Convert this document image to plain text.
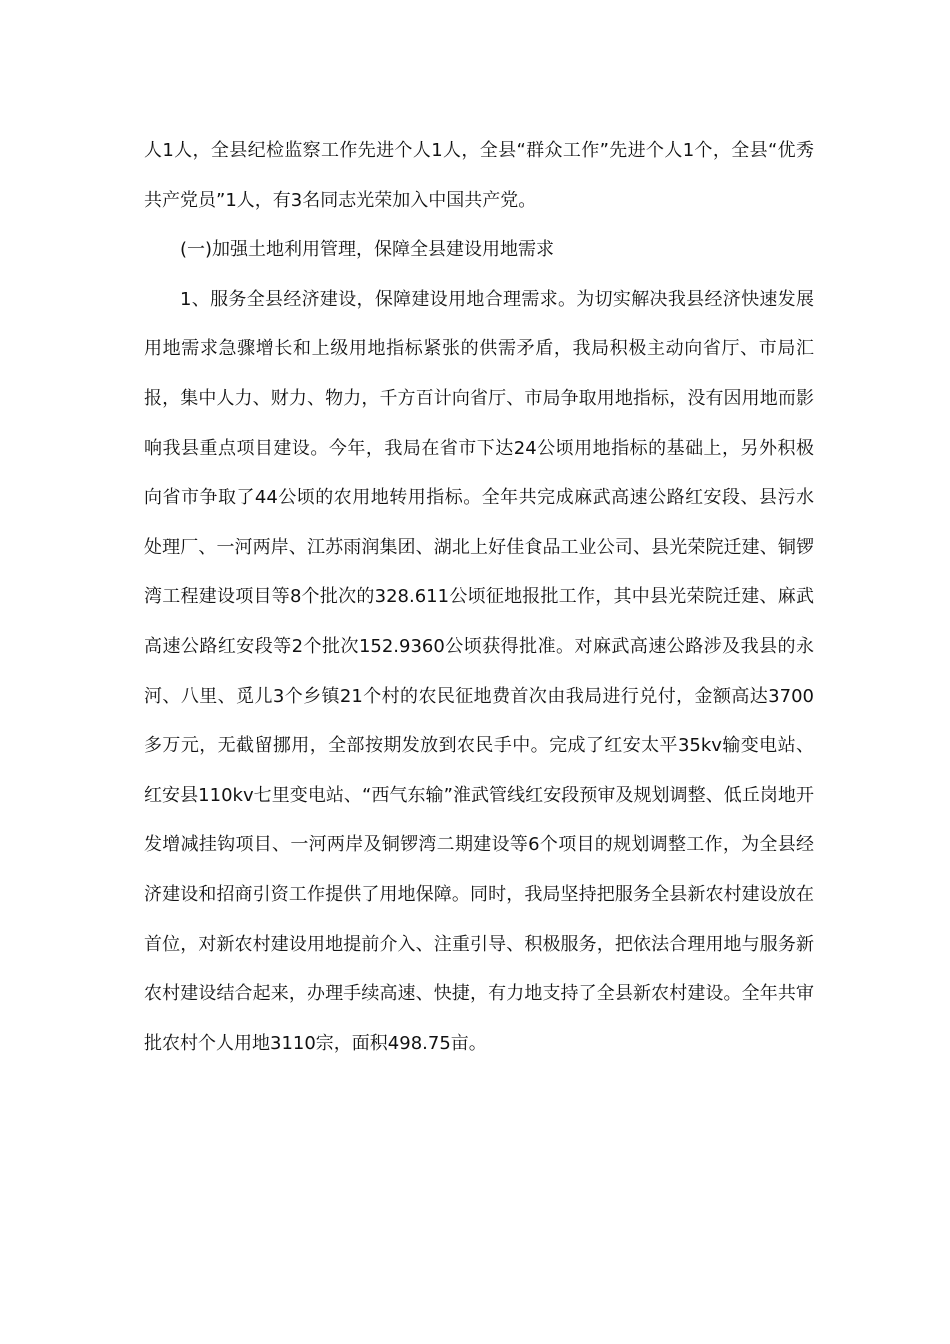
人1人，全县纪检监察工作先进个人1人，全县“群众工作”先进个人1个，全县“优秀共产党员”1人，有3名同志光荣加入中国共产党。

(一)加强土地利用管理，保障全县建设用地需求

1、服务全县经济建设，保障建设用地合理需求。为切实解决我县经济快速发展用地需求急骤增长和上级用地指标紧张的供需矛盾，我局积极主动向省厅、市局汇报，集中人力、财力、物力，千方百计向省厅、市局争取用地指标，没有因用地而影响我县重点项目建设。今年，我局在省市下达24公顷用地指标的基础上，另外积极向省市争取了44公顷的农用地转用指标。全年共完成麻武高速公路红安段、县污水处理厂、一河两岸、江苏雨润集团、湖北上好佳食品工业公司、县光荣院迁建、铜锣湾工程建设项目等8个批次的328.611公顷征地报批工作，其中县光荣院迁建、麻武高速公路红安段等2个批次152.9360公顷获得批准。对麻武高速公路涉及我县的永河、八里、觅儿3个乡镇21个村的农民征地费首次由我局进行兑付，金额高达3700多万元，无截留挪用，全部按期发放到农民手中。完成了红安太平35kv输变电站、红安县110kv七里变电站、“西气东输”淮武管线红安段预审及规划调整、低丘岗地开发增减挂钩项目、一河两岸及铜锣湾二期建设等6个项目的规划调整工作，为全县经济建设和招商引资工作提供了用地保障。同时，我局坚持把服务全县新农村建设放在首位，对新农村建设用地提前介入、注重引导、积极服务，把依法合理用地与服务新农村建设结合起来，办理手续高速、快捷，有力地支持了全县新农村建设。全年共审批农村个人用地3110宗，面积498.75亩。
